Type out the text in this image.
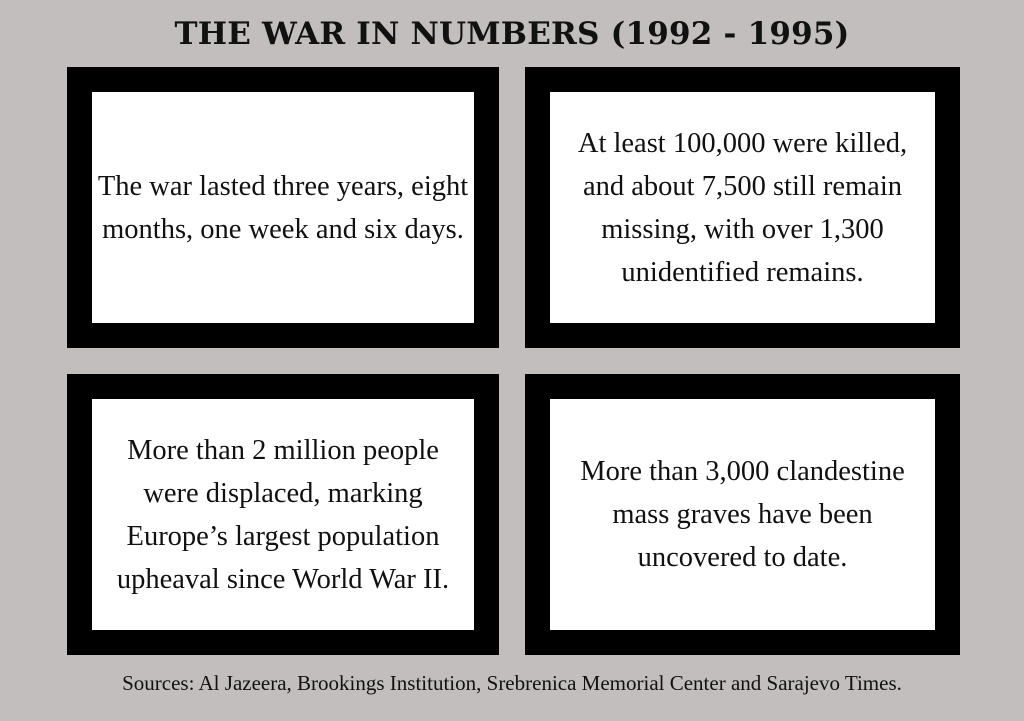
THE WAR IN NUMBERS (1992 - 1995)
The war lasted three years, eight months, one week and six days.
At least 100,000 were killed, and about 7,500 still remain missing, with over 1,300 unidentified remains.
More than 2 million people were displaced, marking Europe’s largest population upheaval since World War II.
More than 3,000 clandestine mass graves have been uncovered to date.
Sources: Al Jazeera, Brookings Institution, Srebrenica Memorial Center and Sarajevo Times.
